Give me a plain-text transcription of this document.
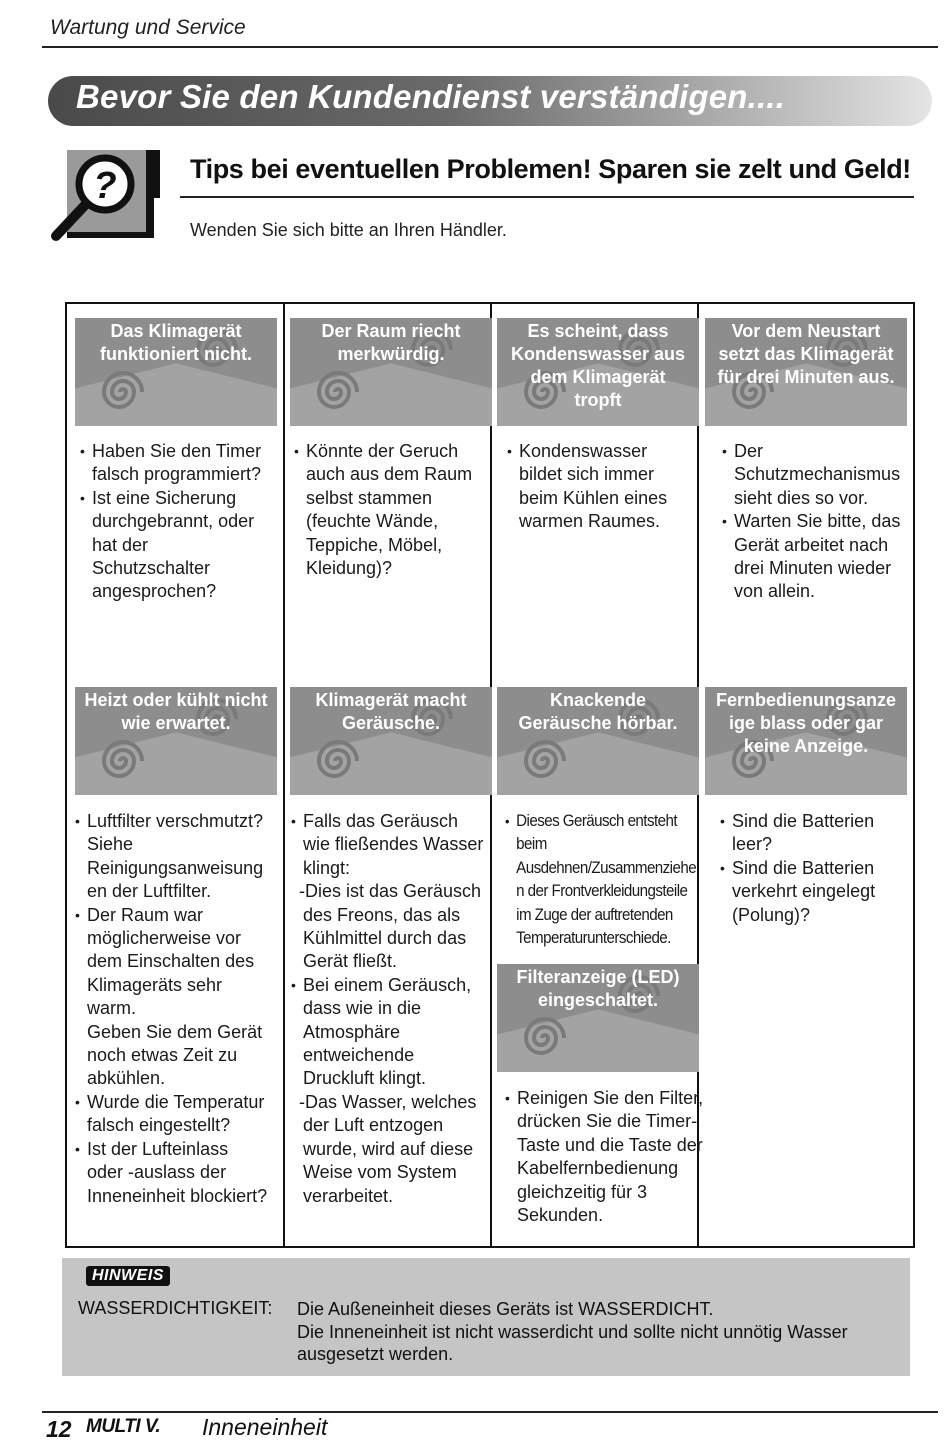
Wartung und Service
Bevor Sie den Kundendienst verständigen....
?	Tips bei eventuellen Problemen! Sparen sie zelt und Geld!
Wenden Sie sich bitte an Ihren Händler.
Das Klimagerät
funktioniert nicht.
• Haben Sie den Timer
falsch programmiert?
• Ist eine Sicherung
durchgebrannt, oder
hat der
Schutzschalter
angesprochen?
Der Raum riecht
merkwürdig.
• Könnte der Geruch
auch aus dem Raum
selbst stammen
(feuchte Wände,
Teppiche, Möbel,
Kleidung)?
Es scheint, dass
Kondenswasser aus
dem Klimagerät
tropft
• Kondenswasser
bildet sich immer
beim Kühlen eines
warmen Raumes.
Vor dem Neustart
setzt das Klimagerät
für drei Minuten aus.
• Der
Schutzmechanismus
sieht dies so vor.
• Warten Sie bitte, das
Gerät arbeitet nach
drei Minuten wieder
von allein.
Heizt oder kühlt nicht
wie erwartet.
• Luftfilter verschmutzt?
Siehe
Reinigungsanweisung
en der Luftfilter.
• Der Raum war
möglicherweise vor
dem Einschalten des
Klimageräts sehr
warm.
Geben Sie dem Gerät
noch etwas Zeit zu
abkühlen.
• Wurde die Temperatur
falsch eingestellt?
• Ist der Lufteinlass
oder -auslass der
Inneneinheit blockiert?
Klimagerät macht
Geräusche.
• Falls das Geräusch
wie fließendes Wasser
klingt:
-Dies ist das Geräusch
des Freons, das als
Kühlmittel durch das
Gerät fließt.
• Bei einem Geräusch,
dass wie in die
Atmosphäre
entweichende
Druckluft klingt.
-Das Wasser, welches
der Luft entzogen
wurde, wird auf diese
Weise vom System
verarbeitet.
Knackende
Geräusche hörbar.
• Dieses Geräusch entsteht
beim
Ausdehnen/Zusammenziehe
n der Frontverkleidungsteile
im Zuge der auftretenden
Temperaturunterschiede.
Fernbedienungsanze
ige blass oder gar
keine Anzeige.
• Sind die Batterien
leer?
• Sind die Batterien
verkehrt eingelegt
(Polung)?
Filteranzeige (LED)
eingeschaltet.
• Reinigen Sie den Filter,
drücken Sie die Timer-
Taste und die Taste der
Kabelfernbedienung
gleichzeitig für 3
Sekunden.
HINWEIS
WASSERDICHTIGKEIT: Die Außeneinheit dieses Geräts ist WASSERDICHT.
Die Inneneinheit ist nicht wasserdicht und sollte nicht unnötig Wasser
ausgesetzt werden.
12 MULTI V. Inneneinheit
